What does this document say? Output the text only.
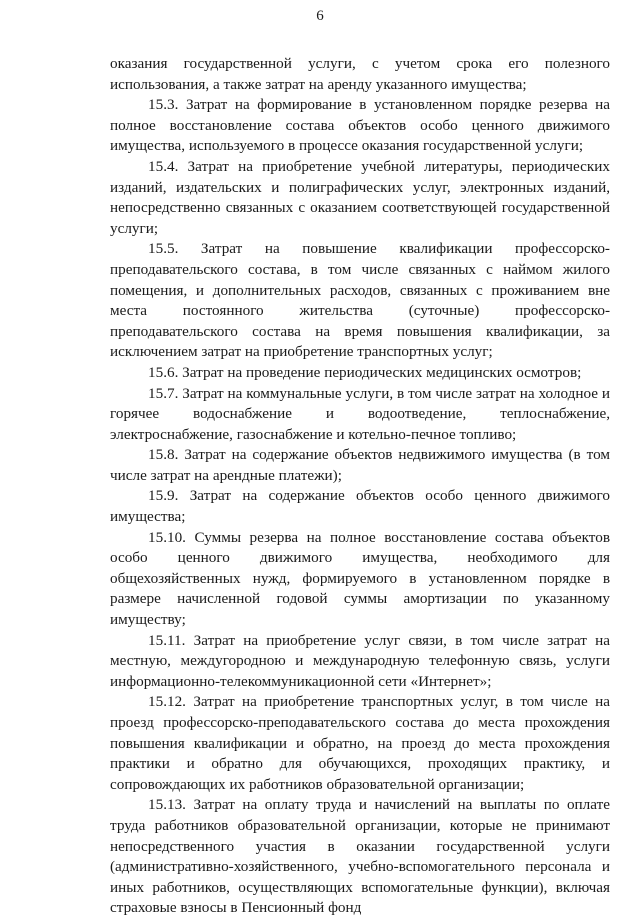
6

оказания государственной услуги, с учетом срока его полезного использования, а также затрат на аренду указанного имущества;

15.3. Затрат на формирование в установленном порядке резерва на полное восстановление состава объектов особо ценного движимого имущества, используемого в процессе оказания государственной услуги;

15.4. Затрат на приобретение учебной литературы, периодических изданий, издательских и полиграфических услуг, электронных изданий, непосредственно связанных с оказанием соответствующей государственной услуги;

15.5. Затрат на повышение квалификации профессорско-преподавательского состава, в том числе связанных с наймом жилого помещения, и дополнительных расходов, связанных с проживанием вне места постоянного жительства (суточные) профессорско-преподавательского состава на время повышения квалификации, за исключением затрат на приобретение транспортных услуг;

15.6. Затрат на проведение периодических медицинских осмотров;

15.7. Затрат на коммунальные услуги, в том числе затрат на холодное и горячее водоснабжение и водоотведение, теплоснабжение, электроснабжение, газоснабжение и котельно-печное топливо;

15.8. Затрат на содержание объектов недвижимого имущества (в том числе затрат на арендные платежи);

15.9. Затрат на содержание объектов особо ценного движимого имущества;

15.10. Суммы резерва на полное восстановление состава объектов особо ценного движимого имущества, необходимого для общехозяйственных нужд, формируемого в установленном порядке в размере начисленной годовой суммы амортизации по указанному имуществу;

15.11. Затрат на приобретение услуг связи, в том числе затрат на местную, междугородною и международную телефонную связь, услуги информационно-телекоммуникационной сети «Интернет»;

15.12. Затрат на приобретение транспортных услуг, в том числе на проезд профессорско-преподавательского состава до места прохождения повышения квалификации и обратно, на проезд до места прохождения практики и обратно для обучающихся, проходящих практику, и сопровождающих их работников образовательной организации;

15.13. Затрат на оплату труда и начислений на выплаты по оплате труда работников образовательной организации, которые не принимают непосредственного участия в оказании государственной услуги (административно-хозяйственного, учебно-вспомогательного персонала и иных работников, осуществляющих вспомогательные функции), включая страховые взносы в Пенсионный фонд
